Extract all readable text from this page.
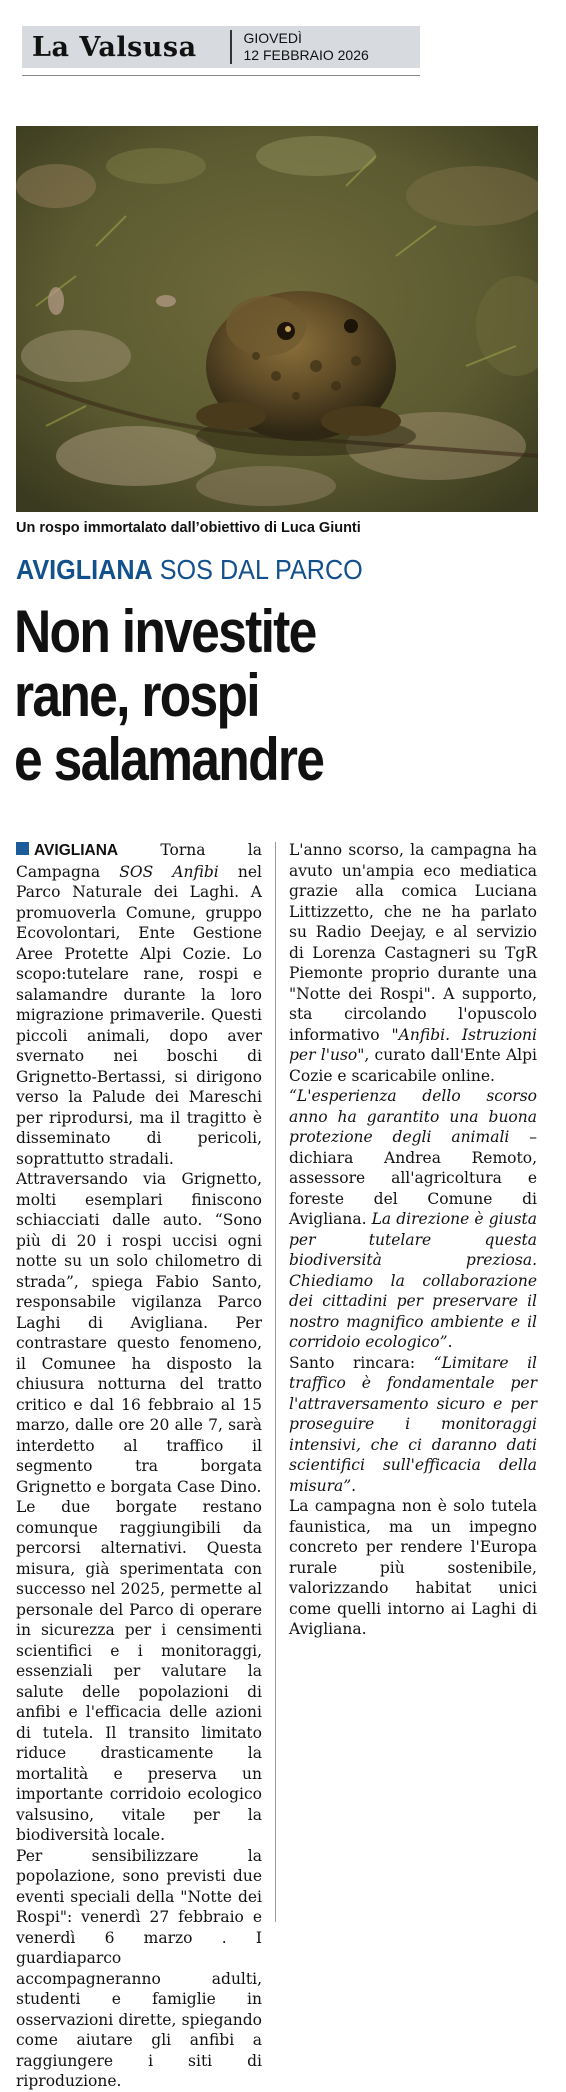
La Valsusa	GIOVEDÌ
12 FEBBRAIO 2026
Un rospo immortalato dall’obiettivo di Luca Giunti
AVIGLIANA SOS DAL PARCO
Non investite
rane, rospi
e salamandre

AVIGLIANA	Torna la Campagna SOS Anfibi nel Parco Naturale dei Laghi. A promuoverla Comune, gruppo Ecovolontari, Ente Gestione Aree Protette Alpi Cozie. Lo scopo:tutelare rane, rospi e salamandre durante la loro migrazione primaverile. Questi piccoli animali, dopo aver svernato nei boschi di Grignetto-Bertassi, si dirigono verso la Palude dei Mareschi per riprodursi, ma il tragitto è disseminato di pericoli, soprattutto stradali.

Attraversando via Grignetto, molti esemplari finiscono schiacciati dalle auto. “Sono più di 20 i rospi uccisi ogni notte su un solo chilometro di strada”, spiega Fabio Santo, responsabile vigilanza Parco Laghi di Avigliana. Per contrastare questo fenomeno, il Comunee ha disposto la chiusura notturna del tratto critico e dal 16 febbraio al 15 marzo, dalle ore 20 alle 7, sarà interdetto al traffico il segmento tra borgata Grignetto e borgata Case Dino.

Le due borgate restano comunque raggiungibili da percorsi alternativi. Questa misura, già sperimentata con successo nel 2025, permette al personale del Parco di operare in sicurezza per i censimenti scientifici e i monitoraggi, essenziali per valutare la salute delle popolazioni di anfibi e l'efficacia delle azioni di tutela. Il transito limitato riduce drasticamente la mortalità e preserva un importante corridoio ecologico valsusino, vitale per la biodiversità locale.

Per sensibilizzare la popolazione, sono previsti due eventi speciali della "Notte dei Rospi": venerdì 27 febbraio e venerdì 6 marzo . I guardiaparco accompagneranno adulti, studenti e famiglie in osservazioni dirette, spiegando come aiutare gli anfibi a raggiungere i siti di riproduzione.

L'anno scorso, la campagna ha avuto un'ampia eco mediatica grazie alla comica Luciana Littizzetto, che ne ha parlato su Radio Deejay, e al servizio di Lorenza Castagneri su TgR Piemonte proprio durante una "Notte dei Rospi". A supporto, sta circolando l'opuscolo informativo "Anfibi. Istruzioni per l'uso", curato dall'Ente Alpi Cozie e scaricabile online.

“L'esperienza dello scorso anno ha garantito una buona protezione degli animali – dichiara Andrea Remoto, assessore all'agricoltura e foreste del Comune di Avigliana. La direzione è giusta per tutelare questa biodiversità preziosa. Chiediamo la collaborazione dei cittadini per preservare il nostro magnifico ambiente e il corridoio ecologico”.

Santo rincara: “Limitare il traffico è fondamentale per l'attraversamento sicuro e per proseguire i monitoraggi intensivi, che ci daranno dati scientifici sull'efficacia della misura”.

La campagna non è solo tutela faunistica, ma un impegno concreto per rendere l'Europa rurale più sostenibile, valorizzando habitat unici come quelli intorno ai Laghi di Avigliana.
